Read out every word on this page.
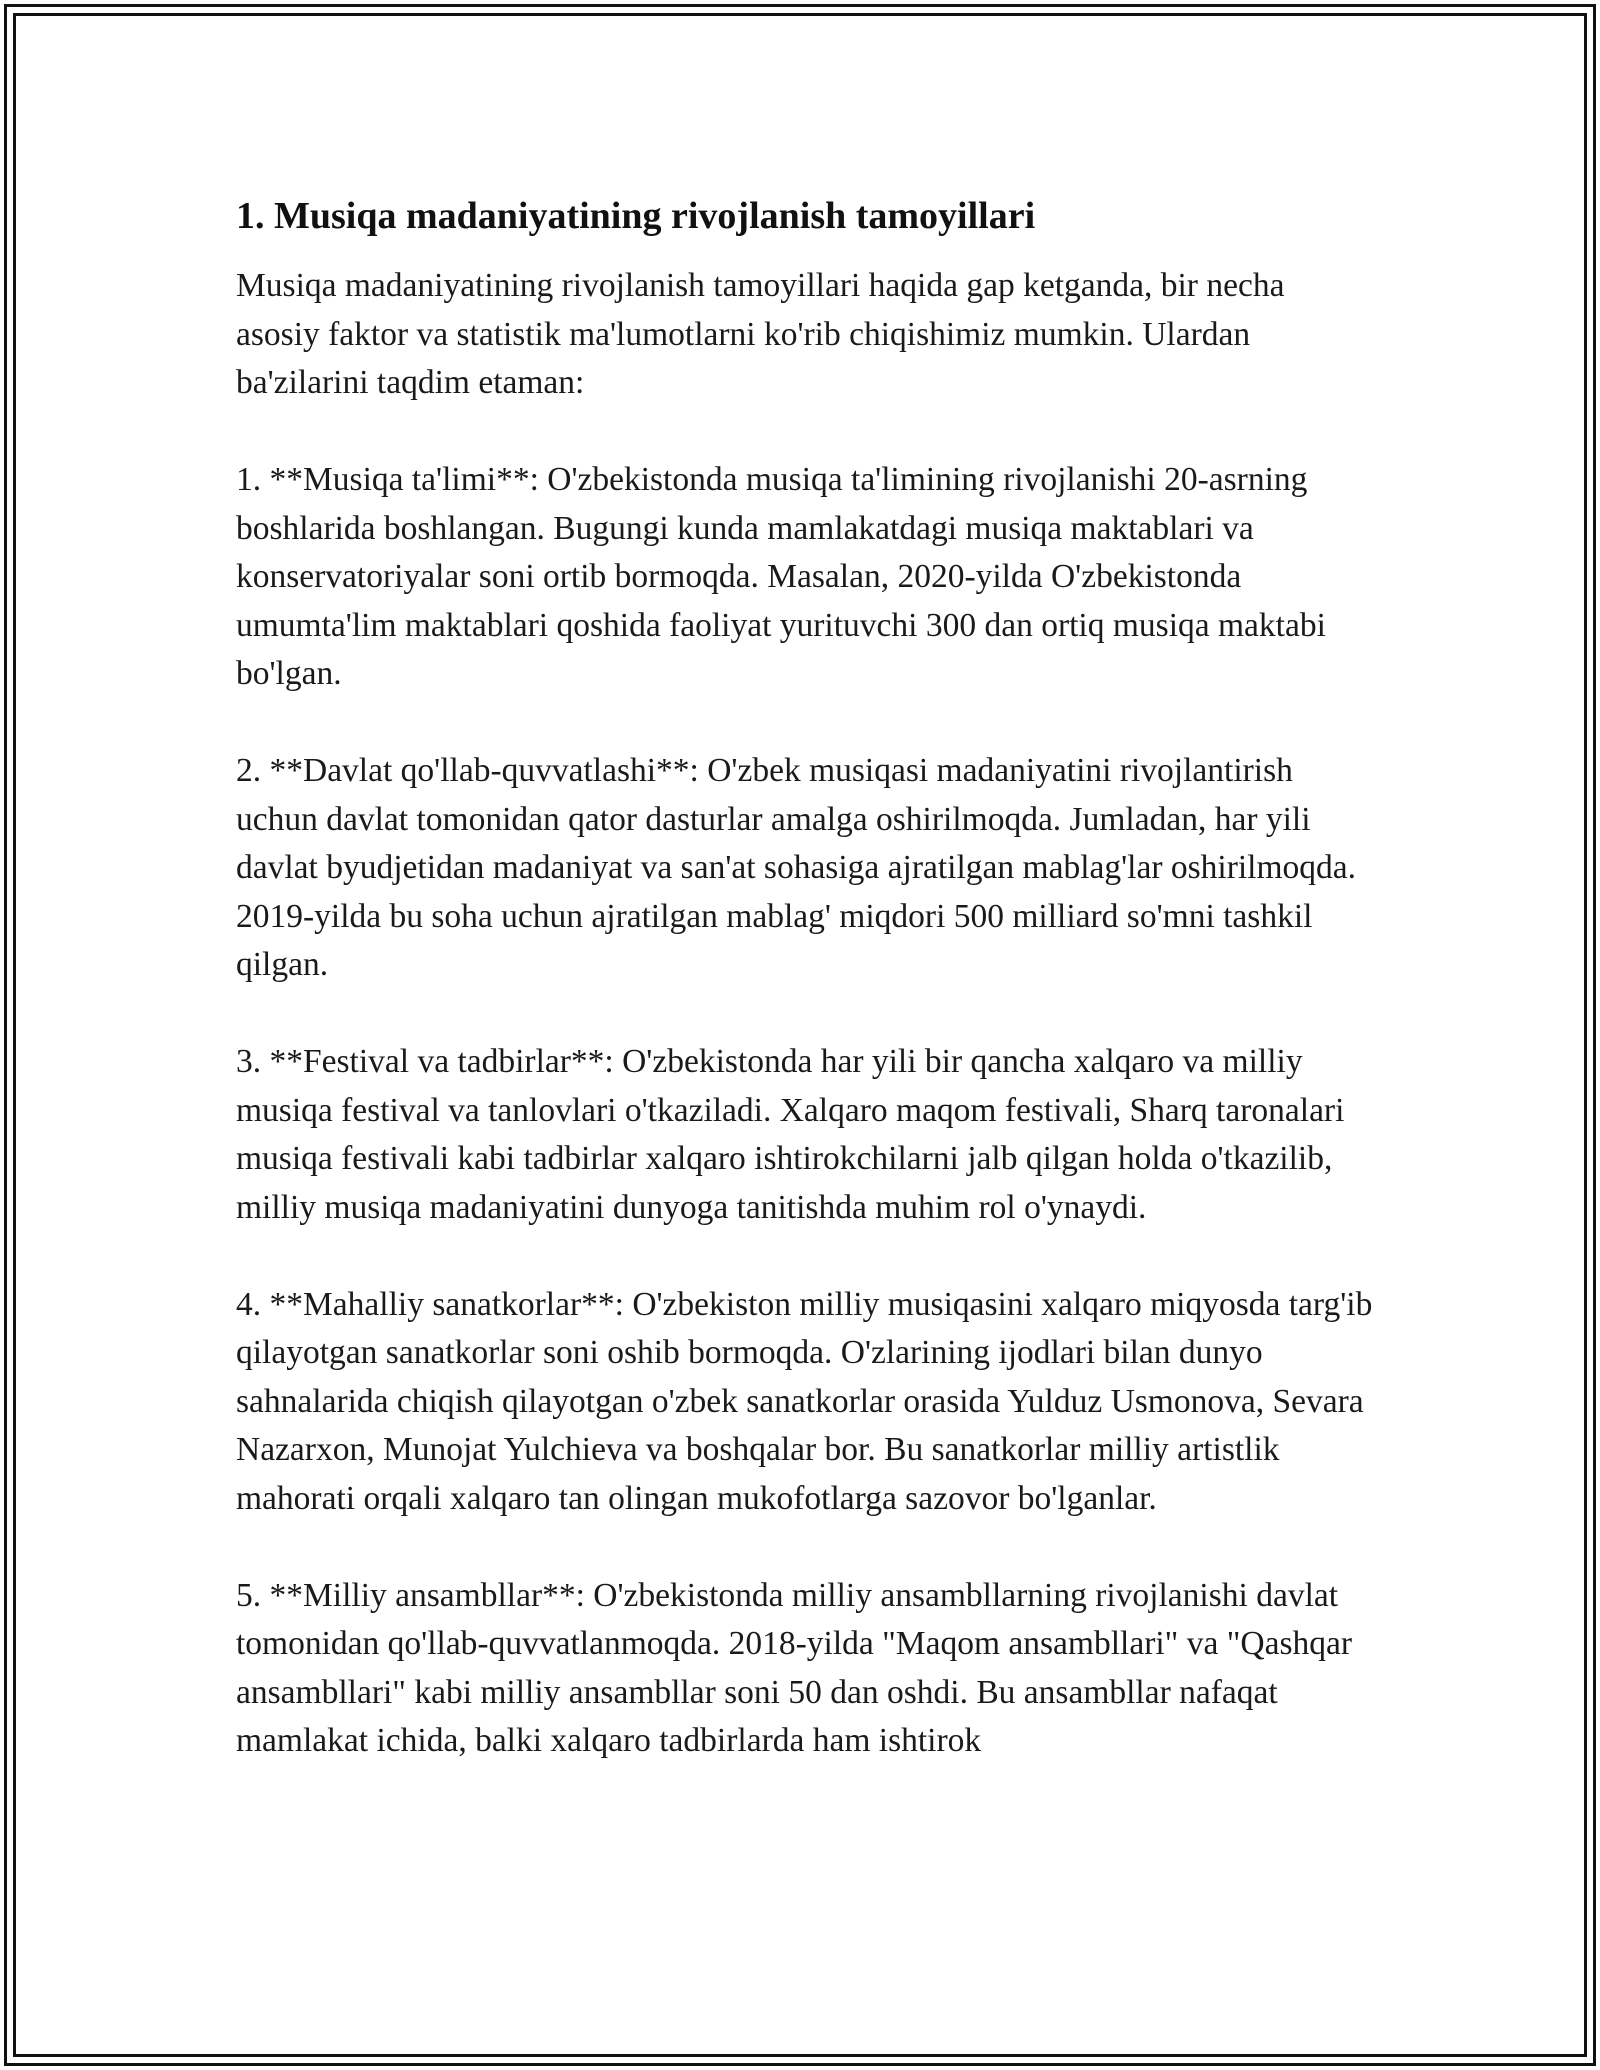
1. Musiqa madaniyatining rivojlanish tamoyillari

Musiqa madaniyatining rivojlanish tamoyillari haqida gap ketganda, bir necha asosiy faktor va statistik ma'lumotlarni ko'rib chiqishimiz mumkin. Ulardan ba'zilarini taqdim etaman:

1. **Musiqa ta'limi**: O'zbekistonda musiqa ta'limining rivojlanishi 20-asrning boshlarida boshlangan. Bugungi kunda mamlakatdagi musiqa maktablari va konservatoriyalar soni ortib bormoqda. Masalan, 2020-yilda O'zbekistonda umumta'lim maktablari qoshida faoliyat yurituvchi 300 dan ortiq musiqa maktabi bo'lgan.

2. **Davlat qo'llab-quvvatlashi**: O'zbek musiqasi madaniyatini rivojlantirish uchun davlat tomonidan qator dasturlar amalga oshirilmoqda. Jumladan, har yili davlat byudjetidan madaniyat va san'at sohasiga ajratilgan mablag'lar oshirilmoqda. 2019-yilda bu soha uchun ajratilgan mablag' miqdori 500 milliard so'mni tashkil qilgan.

3. **Festival va tadbirlar**: O'zbekistonda har yili bir qancha xalqaro va milliy musiqa festival va tanlovlari o'tkaziladi. Xalqaro maqom festivali, Sharq taronalari musiqa festivali kabi tadbirlar xalqaro ishtirokchilarni jalb qilgan holda o'tkazilib, milliy musiqa madaniyatini dunyoga tanitishda muhim rol o'ynaydi.

4. **Mahalliy sanatkorlar**: O'zbekiston milliy musiqasini xalqaro miqyosda targ'ib qilayotgan sanatkorlar soni oshib bormoqda. O'zlarining ijodlari bilan dunyo sahnalarida chiqish qilayotgan o'zbek sanatkorlar orasida Yulduz Usmonova, Sevara Nazarxon, Munojat Yulchieva va boshqalar bor. Bu sanatkorlar milliy artistlik mahorati orqali xalqaro tan olingan mukofotlarga sazovor bo'lganlar.

5. **Milliy ansambllar**: O'zbekistonda milliy ansambllarning rivojlanishi davlat tomonidan qo'llab-quvvatlanmoqda. 2018-yilda "Maqom ansambllari" va "Qashqar ansambllari" kabi milliy ansambllar soni 50 dan oshdi. Bu ansambllar nafaqat mamlakat ichida, balki xalqaro tadbirlarda ham ishtirok
